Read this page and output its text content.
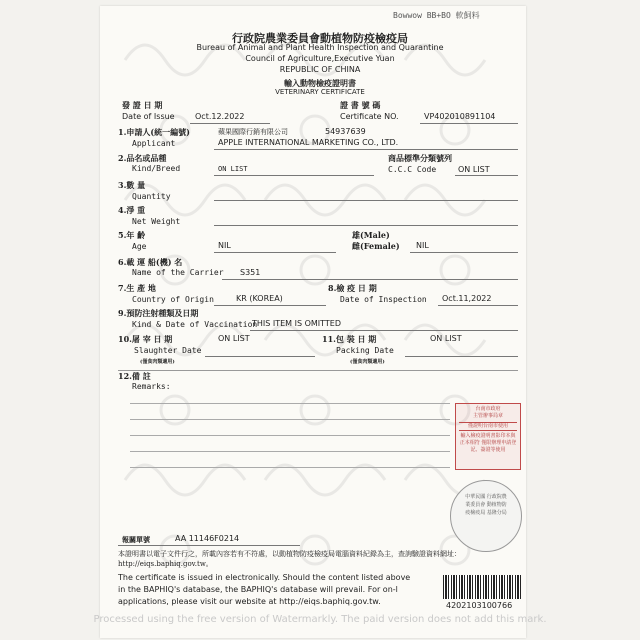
Bowwow BB+BO 軟飼料
行政院農業委員會動植物防疫檢疫局
Bureau of Animal and Plant Health Inspection and Quarantine
Council of Agriculture,Executive Yuan
REPUBLIC OF CHINA
輸入動物檢疫證明書
VETERINARY CERTIFICATE
發 證 日 期
Date of Issue	Oct.12.2022
證 書 號 碼
Certificate NO.	VP402010891104
1.申請人(統一編號)
Applicant
蘋果國際行銷有限公司	54937639
APPLE INTERNATIONAL MARKETING CO., LTD.
2.品名或品種
Kind/Breed	ON LIST
商品標準分類號列
C.C.C Code	ON LIST
3.數 量
Quantity
4.淨 重
Net Weight
5.年 齡
Age	NIL
雄(Male)
雌(Female) NIL
6.載 運 船(機) 名
Name of the Carrier S351
7.生 產 地
Country of Origin	KR (KOREA)
8.檢 疫 日 期
Date of Inspection Oct.11,2022
9.預防注射種類及日期
Kind & Date of Vaccination
THIS ITEM IS OMITTED
10.屠 宰 日 期	ON LIST
Slaughter Date
(僅食肉類適用)
11.包 裝 日 期	ON LIST
Packing Date
(僅食肉類適用)
12.備 註
Remarks:
台南市政府
主管辦事局章
僅證明台南市使用
輸入檢疫證明書影印本與正本相符 僅限辦理申請登記、簽證等使用
中華民國 行政院農業委員會 動植物防疫檢疫局 基隆分局
報關單號	AA 11146F0214
本證明書以電子文件行之，所載內容若有不符處，以動植物防疫檢疫局電腦資料紀錄為主，查詢驗證資料網址：http://eiqs.baphiq.gov.tw。
The certificate is issued in electronically. Should the content listed above
in the BAPHIQ's database, the BAPHIQ's database will prevail. For on-l
applications, please visit our website at http://eiqs.baphiq.gov.tw.	4202103100766
Processed using the free version of Watermarkly. The paid version does not add this mark.
